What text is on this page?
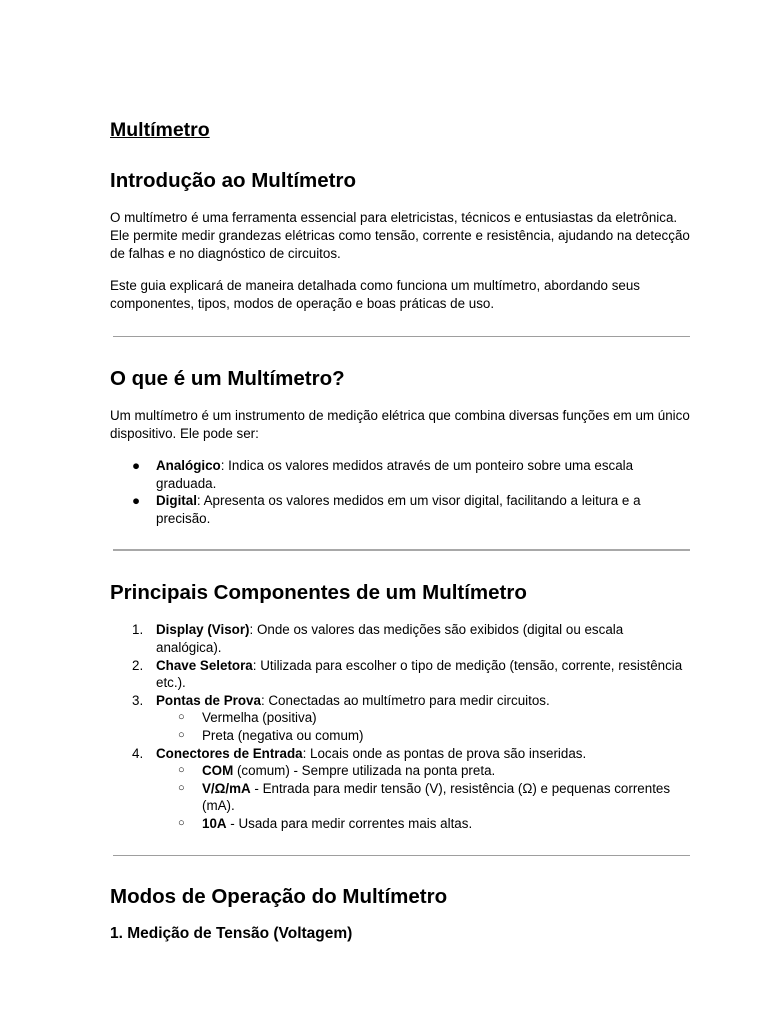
Multímetro
Introdução ao Multímetro

O multímetro é uma ferramenta essencial para eletricistas, técnicos e entusiastas da eletrônica. Ele permite medir grandezas elétricas como tensão, corrente e resistência, ajudando na detecção de falhas e no diagnóstico de circuitos.

Este guia explicará de maneira detalhada como funciona um multímetro, abordando seus componentes, tipos, modos de operação e boas práticas de uso.

O que é um Multímetro?

Um multímetro é um instrumento de medição elétrica que combina diversas funções em um único dispositivo. Ele pode ser:

● Analógico: Indica os valores medidos através de um ponteiro sobre uma escala graduada.
● Digital: Apresenta os valores medidos em um visor digital, facilitando a leitura e a precisão.
Principais Componentes de um Multímetro
1. Display (Visor): Onde os valores das medições são exibidos (digital ou escala analógica).
2. Chave Seletora: Utilizada para escolher o tipo de medição (tensão, corrente, resistência etc.).
3. Pontas de Prova: Conectadas ao multímetro para medir circuitos.
○ Vermelha (positiva)
○ Preta (negativa ou comum)
4. Conectores de Entrada: Locais onde as pontas de prova são inseridas.
○ COM (comum) - Sempre utilizada na ponta preta.
○ V/Ω/mA - Entrada para medir tensão (V), resistência (Ω) e pequenas correntes (mA).
○ 10A - Usada para medir correntes mais altas.
Modos de Operação do Multímetro
1. Medição de Tensão (Voltagem)
